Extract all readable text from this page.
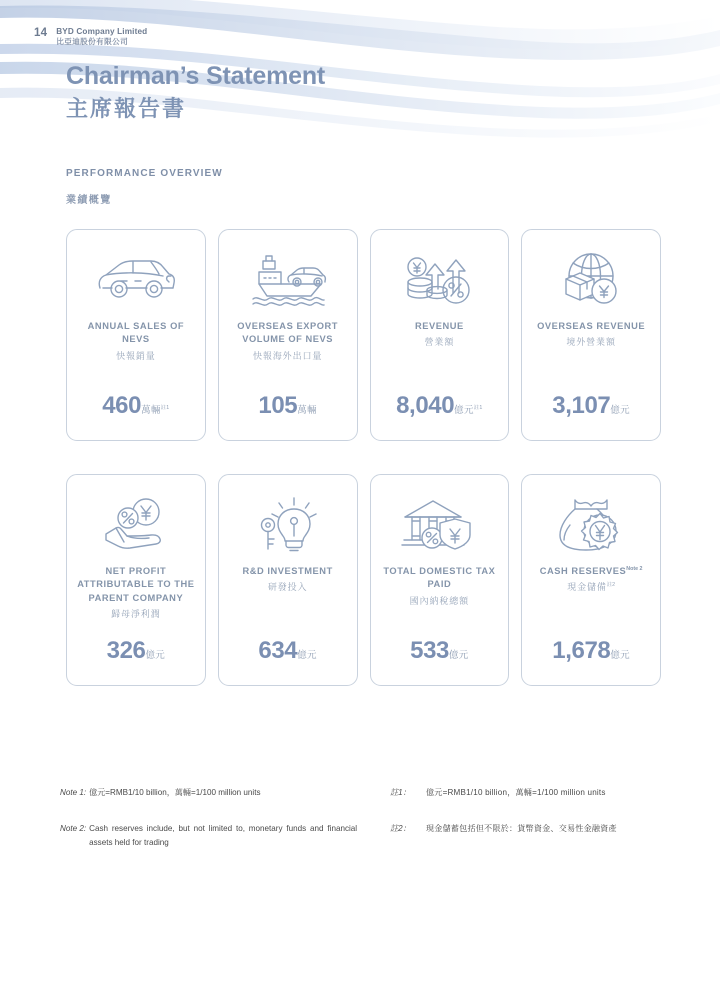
14 BYD Company Limited
比亞迪股份有限公司
Chairman’s Statement
主席報告書
PERFORMANCE OVERVIEW
業績概覽
ANNUAL SALES OF NEVS
快報銷量
460萬輛$^{註1}$
OVERSEAS EXPORT VOLUME OF NEVS
快報海外出口量
105萬輛
REVENUE
營業額
8,040億元$^{註1}$
OVERSEAS REVENUE
境外營業額
3,107億元
NET PROFIT ATTRIBUTABLE TO THE PARENT COMPANY
歸母淨利潤
326億元
R&D INVESTMENT
研發投入
634億元
TOTAL DOMESTIC TAX PAID
國內納稅總額
533億元
CASH $RESERVES^{Note 2}$
現金儲備$^{註2}$
1,678億元
Note 1: 億元=RMB1/10 billion，萬輛=1/100 million units	註1：	億元=RMB1/10 billion，萬輛=1/100 million units
Note 2: Cash reserves include, but not limited to, monetary funds and financial assets held for trading
註2：	現金儲蓄包括但不限於：貨幣資金、交易性金融資產
